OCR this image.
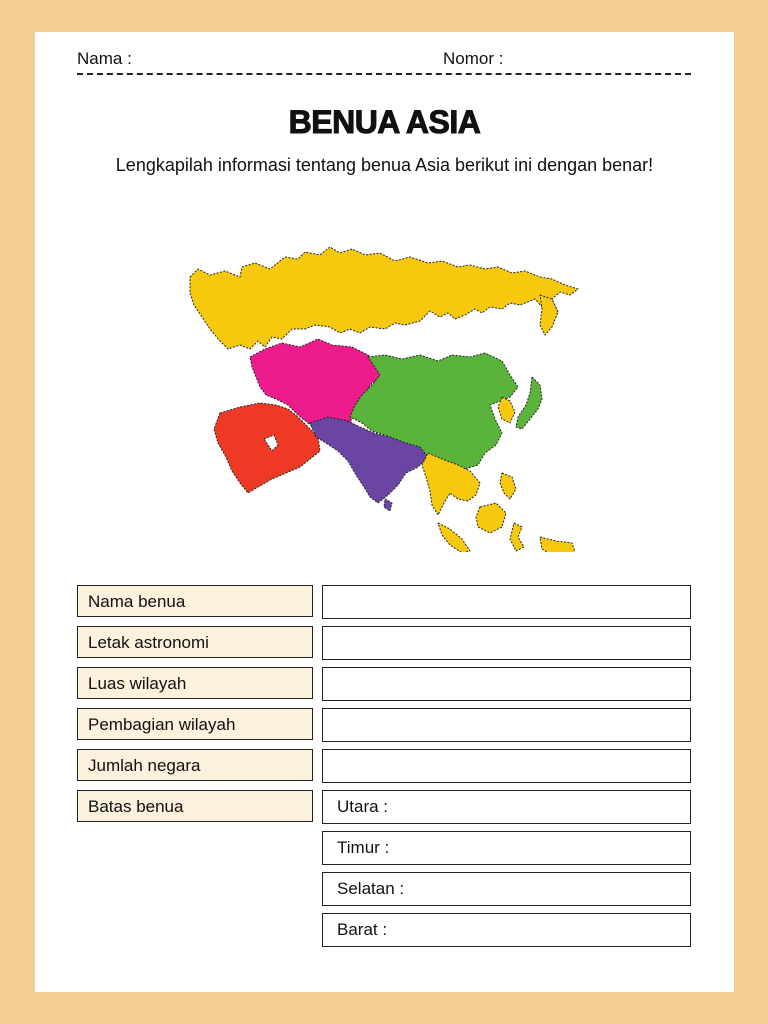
Nama :	Nomor :
BENUA ASIA
Lengkapilah informasi tentang benua Asia berikut ini dengan benar!
Nama benua
Letak astronomi
Luas wilayah
Pembagian wilayah
Jumlah negara
Batas benua	Utara :
Timur :
Selatan :
Barat :
